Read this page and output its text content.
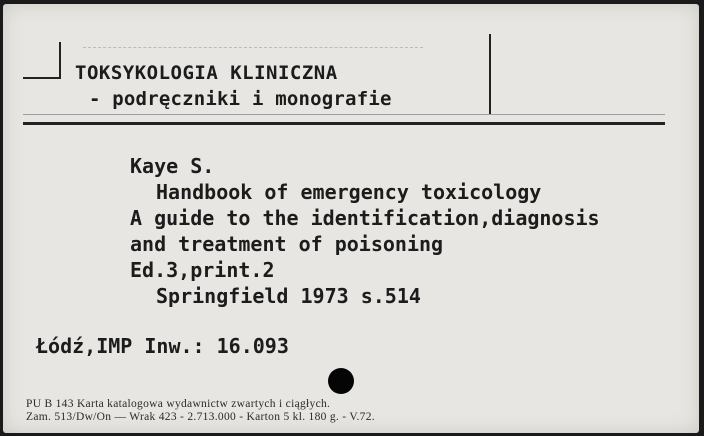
TOKSYKOLOGIA KLINICZNA
- podręczniki i monografie
Kaye S.
Handbook of emergency toxicology
A guide to the identification,diagnosis
and treatment of poisoning
Ed.3,print.2
Springfield 1973 s.514
Łódź,IMP Inw.: 16.093
PU B 143 Karta katalogowa wydawnictw zwartych i ciągłych.
Zam. 513/Dw/On — Wrak 423 - 2.713.000 - Karton 5 kl. 180 g. - V.72.
